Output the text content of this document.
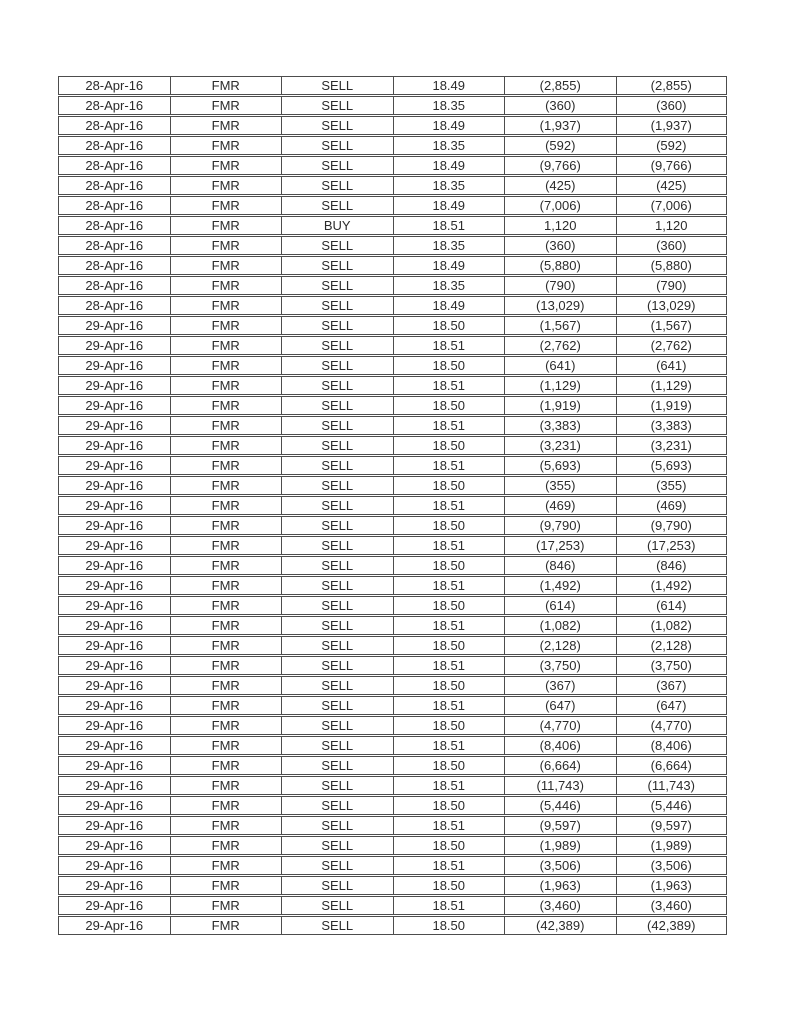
28-Apr-16	FMR	SELL	18.49	(2,855)	(2,855)
28-Apr-16	FMR	SELL	18.35	(360)	(360)
28-Apr-16	FMR	SELL	18.49	(1,937)	(1,937)
28-Apr-16	FMR	SELL	18.35	(592)	(592)
28-Apr-16	FMR	SELL	18.49	(9,766)	(9,766)
28-Apr-16	FMR	SELL	18.35	(425)	(425)
28-Apr-16	FMR	SELL	18.49	(7,006)	(7,006)
28-Apr-16	FMR	BUY	18.51	1,120	1,120
28-Apr-16	FMR	SELL	18.35	(360)	(360)
28-Apr-16	FMR	SELL	18.49	(5,880)	(5,880)
28-Apr-16	FMR	SELL	18.35	(790)	(790)
28-Apr-16	FMR	SELL	18.49	(13,029)	(13,029)
29-Apr-16	FMR	SELL	18.50	(1,567)	(1,567)
29-Apr-16	FMR	SELL	18.51	(2,762)	(2,762)
29-Apr-16	FMR	SELL	18.50	(641)	(641)
29-Apr-16	FMR	SELL	18.51	(1,129)	(1,129)
29-Apr-16	FMR	SELL	18.50	(1,919)	(1,919)
29-Apr-16	FMR	SELL	18.51	(3,383)	(3,383)
29-Apr-16	FMR	SELL	18.50	(3,231)	(3,231)
29-Apr-16	FMR	SELL	18.51	(5,693)	(5,693)
29-Apr-16	FMR	SELL	18.50	(355)	(355)
29-Apr-16	FMR	SELL	18.51	(469)	(469)
29-Apr-16	FMR	SELL	18.50	(9,790)	(9,790)
29-Apr-16	FMR	SELL	18.51	(17,253)	(17,253)
29-Apr-16	FMR	SELL	18.50	(846)	(846)
29-Apr-16	FMR	SELL	18.51	(1,492)	(1,492)
29-Apr-16	FMR	SELL	18.50	(614)	(614)
29-Apr-16	FMR	SELL	18.51	(1,082)	(1,082)
29-Apr-16	FMR	SELL	18.50	(2,128)	(2,128)
29-Apr-16	FMR	SELL	18.51	(3,750)	(3,750)
29-Apr-16	FMR	SELL	18.50	(367)	(367)
29-Apr-16	FMR	SELL	18.51	(647)	(647)
29-Apr-16	FMR	SELL	18.50	(4,770)	(4,770)
29-Apr-16	FMR	SELL	18.51	(8,406)	(8,406)
29-Apr-16	FMR	SELL	18.50	(6,664)	(6,664)
29-Apr-16	FMR	SELL	18.51	(11,743)	(11,743)
29-Apr-16	FMR	SELL	18.50	(5,446)	(5,446)
29-Apr-16	FMR	SELL	18.51	(9,597)	(9,597)
29-Apr-16	FMR	SELL	18.50	(1,989)	(1,989)
29-Apr-16	FMR	SELL	18.51	(3,506)	(3,506)
29-Apr-16	FMR	SELL	18.50	(1,963)	(1,963)
29-Apr-16	FMR	SELL	18.51	(3,460)	(3,460)
29-Apr-16	FMR	SELL	18.50	(42,389)	(42,389)
